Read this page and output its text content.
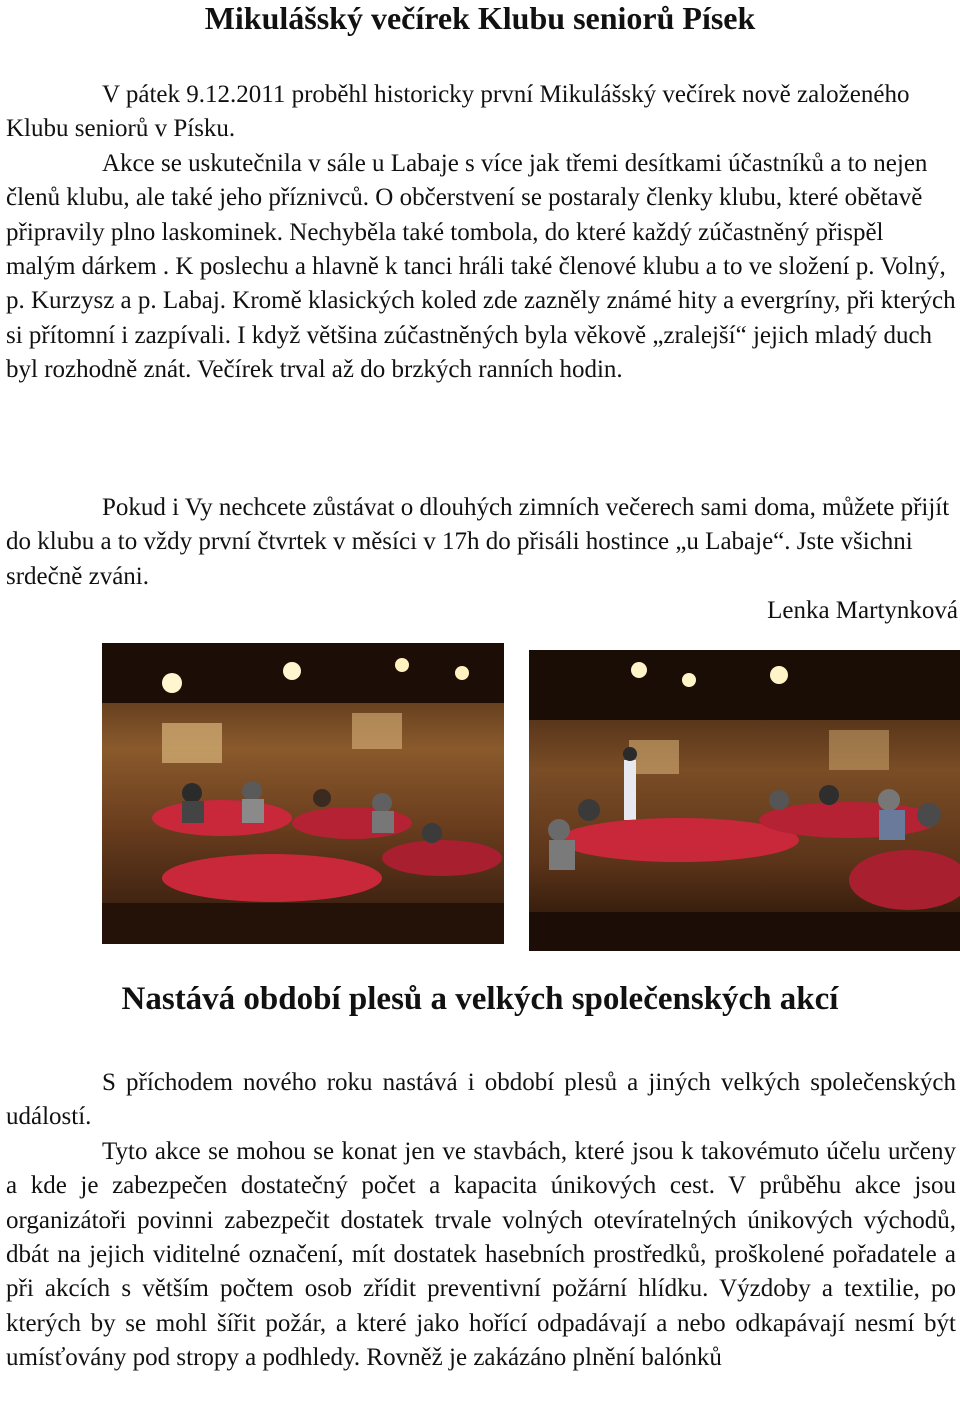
Mikulášský večírek Klubu seniorů Písek
V pátek 9.12.2011 proběhl historicky první Mikulášský večírek nově založeného Klubu seniorů v Písku.
Akce se uskutečnila v sále u Labaje s více jak třemi desítkami účastníků a to nejen členů klubu, ale také jeho příznivců. O občerstvení se postaraly členky klubu, které obětavě připravily plno laskominek. Nechyběla také tombola, do které každý zúčastněný přispěl malým dárkem . K poslechu a hlavně k tanci hráli také členové klubu a to ve složení p. Volný, p. Kurzysz a p. Labaj. Kromě klasických koled zde zazněly známé hity a evergríny, při kterých si přítomní i zazpívali. I když většina zúčastněných byla věkově „zralejší“ jejich mladý duch byl rozhodně znát. Večírek trval až do brzkých ranních hodin.
Pokud i Vy nechcete zůstávat o dlouhých zimních večerech sami doma, můžete přijít do klubu a to vždy první čtvrtek v měsíci v 17h do přisáli hostince „u Labaje“. Jste všichni srdečně zváni.
Lenka Martynková
Nastává období plesů a velkých společenských akcí
S příchodem nového roku nastává i období plesů a jiných velkých společenských událostí.
Tyto akce se mohou se konat jen ve stavbách, které jsou k takovémuto účelu určeny a kde je zabezpečen dostatečný počet a kapacita únikových cest. V průběhu akce jsou organizátoři povinni zabezpečit dostatek trvale volných otevíratelných únikových východů, dbát na jejich viditelné označení, mít dostatek hasebních prostředků, proškolené pořadatele a při akcích s větším počtem osob zřídit preventivní požární hlídku. Výzdoby a textilie, po kterých by se mohl šířit požár, a které jako hořící odpadávají a nebo odkapávají nesmí být umísťovány pod stropy a podhledy. Rovněž je zakázáno plnění balónků
